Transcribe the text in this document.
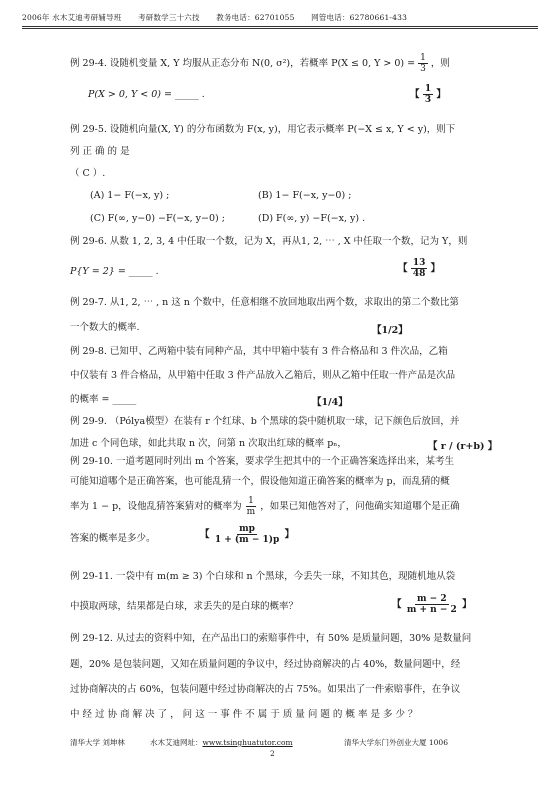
2006年 水木艾迪考研辅导班 考研数学三十六技 教务电话：62701055 网管电话：62780661-433
例 29-4. 设随机变量 X, Y 均服从正态分布 N(0, σ²)，若概率 P(X ≤ 0, $Y > 0) = \frac{1}{3}$ ，则
P(X > 0, Y < 0) = _____ .	【 $\frac{1}{3}$ 】
例 29-5. 设随机向量(X, Y) 的分布函数为 F(x, y)，用它表示概率 P(−X ≤ x, Y < y)，则下
列 正 确 的 是
（ C ）.
(A) 1− F(−x, y) ;	(B) 1− F(−x, y−0) ;
(C) F(∞, y−0) −F(−x, y−0) ;	(D) F(∞, y) −F(−x, y) .
例 29-6. 从数 1, 2, 3, 4 中任取一个数，记为 X，再从1, 2, ⋯ , X 中任取一个数，记为 Y，则
P{Y = 2} = _____ .	【 $\frac{13}{48}$ 】
例 29-7. 从1, 2, ⋯ , n 这 n 个数中，任意相继不放回地取出两个数，求取出的第二个数比第
一个数大的概率.	【1/2】
例 29-8. 已知甲、乙两箱中装有同种产品，其中甲箱中装有 3 件合格品和 3 件次品，乙箱
中仅装有 3 件合格品，从甲箱中任取 3 件产品放入乙箱后，则从乙箱中任取一件产品是次品
的概率 = _____	【1/4】
例 29-9. （Pólya模型）在装有 r 个红球、b 个黑球的袋中随机取一球，记下颜色后放回，并
加进 c 个同色球，如此共取 n 次，问第 n 次取出红球的概率 pₙ，	【 r / (r+b) 】
例 29-10. 一道考题同时列出 m 个答案，要求学生把其中的一个正确答案选择出来，某考生
可能知道哪个是正确答案，也可能乱猜一个，假设他知道正确答案的概率为 p，而乱猜的概
率为 1 − p，设他乱猜答案猜对的概率为 $\frac{1}{m}$ ，如果已知他答对了，问他确实知道哪个是正确
答案的概率是多少。	【 $\frac{mp}{1 + (m - 1)p}$ 】
例 29-11. 一袋中有 m(m ≥ 3) 个白球和 n 个黑球，今丢失一球，不知其色，现随机地从袋
中摸取两球，结果都是白球，求丢失的是白球的概率？	【 $\frac{m - 2}{m + n - 2}$ 】
例 29-12. 从过去的资料中知，在产品出口的索赔事件中，有 50% 是质量问题，30% 是数量问
题，20% 是包装问题，又知在质量问题的争议中，经过协商解决的占 40%，数量问题中，经
过协商解决的占 60%，包装问题中经过协商解决的占 75%。如果出了一件索赔事件，在争议
中 经 过 协 商 解 决 了 ， 问 这 一 事 件 不 属 于 质 量 问 题 的 概 率 是 多 少 ？
清华大学 刘坤林	水木艾迪网址：www.tsinghuatutor.com	清华大学东门外创业大厦 1006
2
